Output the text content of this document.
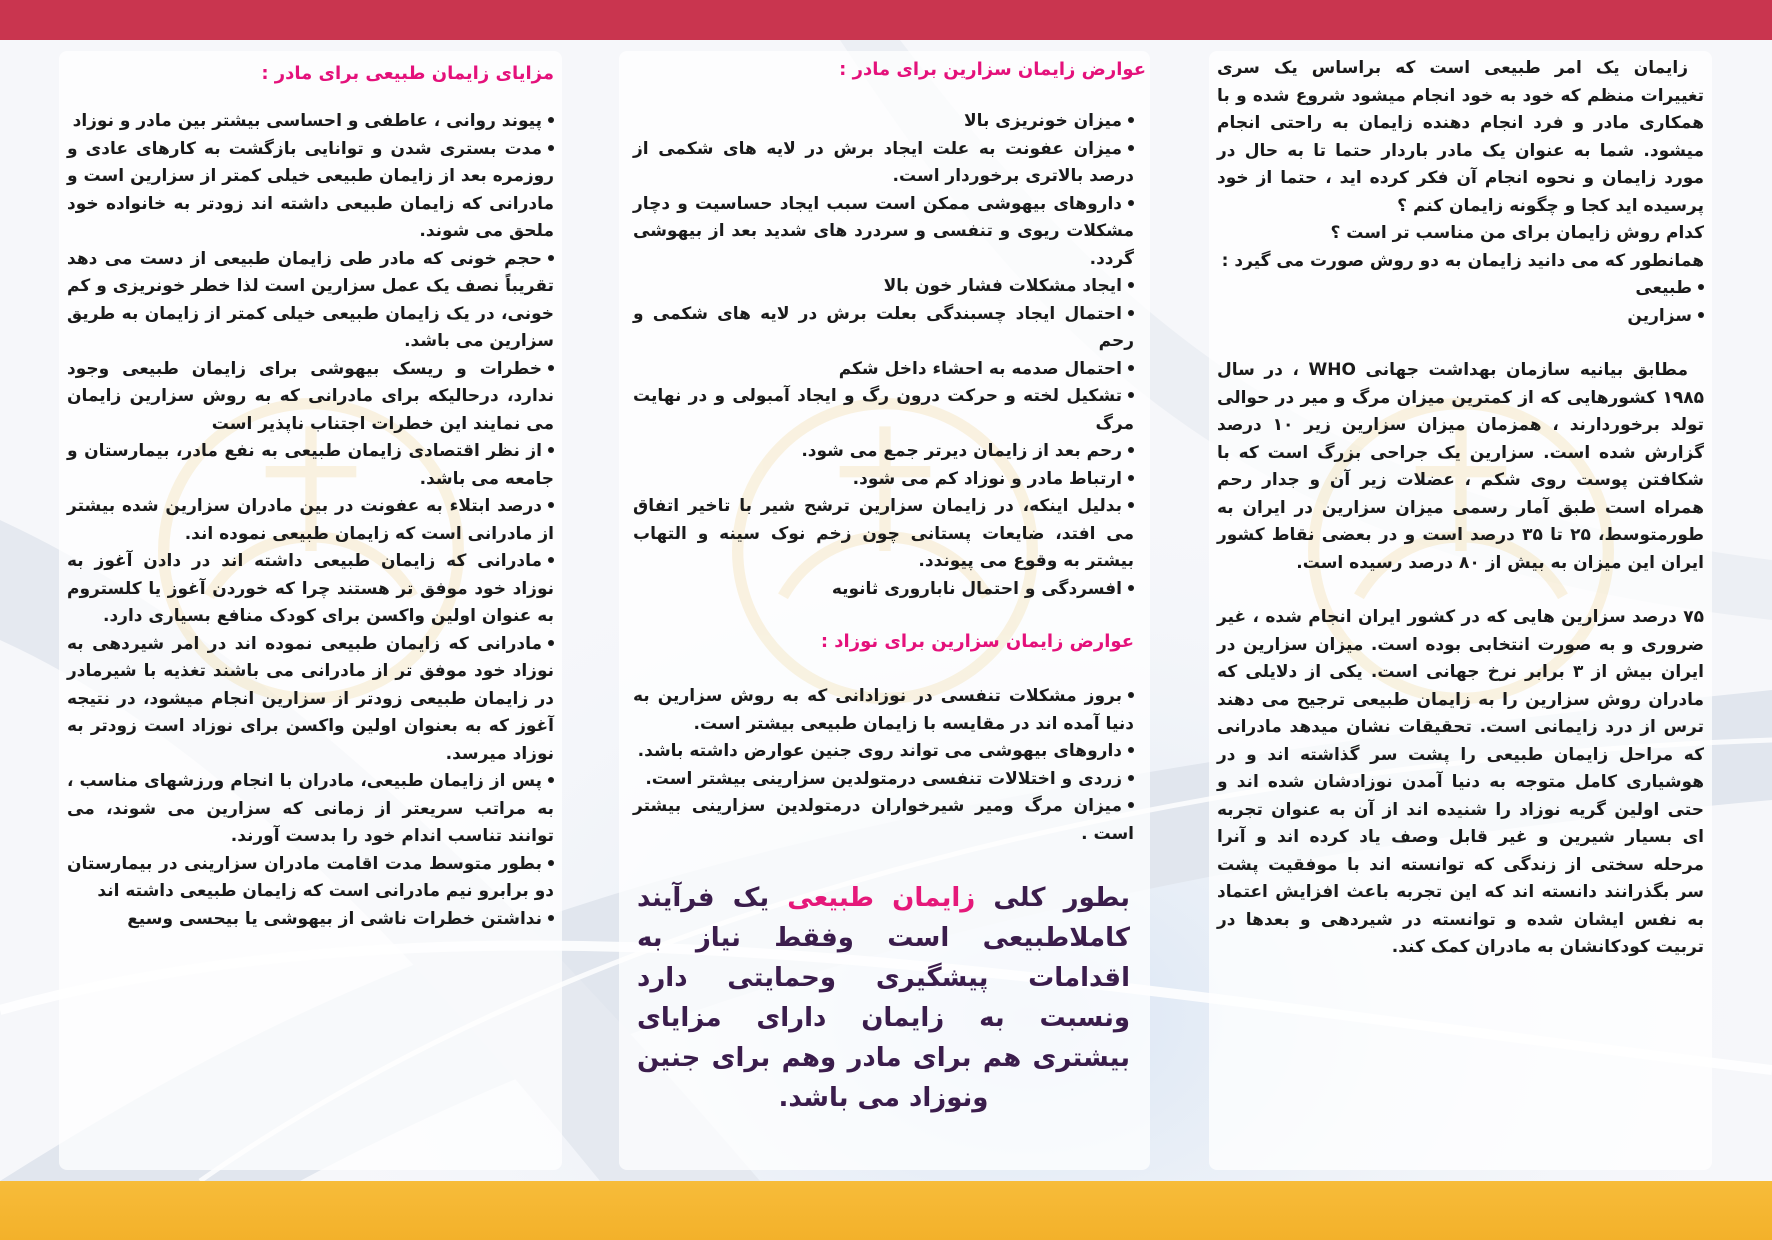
زایمان یک امر طبیعی است که براساس یک سری تغییرات منظم که خود به خود انجام میشود شروع شده و با همکاری مادر و فرد انجام دهنده زایمان به راحتی انجام میشود. شما به عنوان یک مادر باردار حتما تا به حال در مورد زایمان و نحوه انجام آن فکر کرده اید ، حتما از خود پرسیده اید کجا و چگونه زایمان کنم ؟

کدام روش زایمان برای من مناسب تر است ؟

همانطور که می دانید زایمان به دو روش صورت می گیرد :

طبیعی
سزارین

مطابق بیانیه سازمان بهداشت جهانی WHO ، در سال ۱۹۸۵ کشورهایی که از کمترین میزان مرگ و میر در حوالی تولد برخوردارند ، همزمان میزان سزارین زیر ۱۰ درصد گزارش شده است. سزارین یک جراحی بزرگ است که با شکافتن پوست روی شکم ، عضلات زیر آن و جدار رحم همراه است طبق آمار رسمی میزان سزارین در ایران به طورمتوسط، ۲۵ تا ۳۵ درصد است و در بعضی نقاط کشور ایران این میزان به بیش از ۸۰ درصد رسیده است.

۷۵ درصد سزارین هایی که در کشور ایران انجام شده ، غیر ضروری و به صورت انتخابی بوده است. میزان سزارین در ایران بیش از ۳ برابر نرخ جهانی است. یکی از دلایلی که مادران روش سزارین را به زایمان طبیعی ترجیح می دهند ترس از درد زایمانی است. تحقیقات نشان میدهد مادرانی که مراحل زایمان طبیعی را پشت سر گذاشته اند و در هوشیاری کامل متوجه به دنیا آمدن نوزادشان شده اند و حتی اولین گریه نوزاد را شنیده اند از آن به عنوان تجربه ای بسیار شیرین و غیر قابل وصف یاد کرده اند و آنرا مرحله سختی از زندگی که توانسته اند با موفقیت پشت سر بگذرانند دانسته اند که این تجربه باعث افزایش اعتماد به نفس ایشان شده و توانسته در شیردهی و بعدها در تربیت کودکانشان به مادران کمک کند.

عوارض زایمان سزارین برای مادر :
میزان خونریزی بالا
میزان عفونت به علت ایجاد برش در لایه های شکمی از درصد بالاتری برخوردار است.
داروهای بیهوشی ممکن است سبب ایجاد حساسیت و دچار مشکلات ریوی و تنفسی و سردرد های شدید بعد از بیهوشی گردد.
ایجاد مشکلات فشار خون بالا
احتمال ایجاد چسبندگی بعلت برش در لایه های شکمی و رحم
احتمال صدمه به احشاء داخل شکم
تشکیل لخته و حرکت درون رگ و ایجاد آمبولی و در نهایت مرگ
رحم بعد از زایمان دیرتر جمع می شود.
ارتباط مادر و نوزاد کم می شود.
بدلیل اینکه، در زایمان سزارین ترشح شیر با تاخیر اتفاق می افتد، ضایعات پستانی چون زخم نوک سینه و التهاب بیشتر به وقوع می پیوندد.
افسردگی و احتمال ناباروری ثانویه
عوارض زایمان سزارین برای نوزاد :
بروز مشکلات تنفسی در نوزادانی که به روش سزارین به دنیا آمده اند در مقایسه با زایمان طبیعی بیشتر است.
داروهای بیهوشی می تواند روی جنین عوارض داشته باشد.
زردی و اختلالات تنفسی درمتولدین سزارینی بیشتر است.
میزان مرگ ومیر شیرخواران درمتولدین سزارینی بیشتر است .

بطور کلی زایمان طبیعی یک فرآیند کاملاطبیعی است وفقط نیاز به اقدامات پیشگیری وحمایتی دارد ونسبت به زایمان دارای مزایای بیشتری هم برای مادر وهم برای جنین ونوزاد می باشد.

مزایای زایمان طبیعی برای مادر :
پیوند روانی ، عاطفی و احساسی بیشتر بین مادر و نوزاد
مدت بستری شدن و توانایی بازگشت به کارهای عادی و روزمره بعد از زایمان طبیعی خیلی کمتر از سزارین است و مادرانی که زایمان طبیعی داشته اند زودتر به خانواده خود ملحق می شوند.
حجم خونی که مادر طی زایمان طبیعی از دست می دهد تقریباً نصف یک عمل سزارین است لذا خطر خونریزی و کم خونی، در یک زایمان طبیعی خیلی کمتر از زایمان به طریق سزارین می باشد.
خطرات و ریسک بیهوشی برای زایمان طبیعی وجود ندارد، درحالیکه برای مادرانی که به روش سزارین زایمان می نمایند این خطرات اجتناب ناپذیر است
از نظر اقتصادی زایمان طبیعی به نفع مادر، بیمارستان و جامعه می باشد.
درصد ابتلاء به عفونت در بین مادران سزارین شده بیشتر از مادرانی است که زایمان طبیعی نموده اند.
مادرانی که زایمان طبیعی داشته اند در دادن آغوز به نوزاد خود موفق تر هستند چرا که خوردن آغوز یا کلستروم به عنوان اولین واکسن برای کودک منافع بسیاری دارد.
مادرانی که زایمان طبیعی نموده اند در امر شیردهی به نوزاد خود موفق تر از مادرانی می باشند تغذیه با شیرمادر در زایمان طبیعی زودتر از سزارین انجام میشود، در نتیجه آغوز که به بعنوان اولین واکسن برای نوزاد است زودتر به نوزاد میرسد.
پس از زایمان طبیعی، مادران با انجام ورزشهای مناسب ، به مراتب سریعتر از زمانی که سزارین می شوند، می توانند تناسب اندام خود را بدست آورند.
بطور متوسط مدت اقامت مادران سزارینی در بیمارستان دو برابرو نیم مادرانی است که زایمان طبیعی داشته اند
نداشتن خطرات ناشی از بیهوشی یا بیحسی وسیع
